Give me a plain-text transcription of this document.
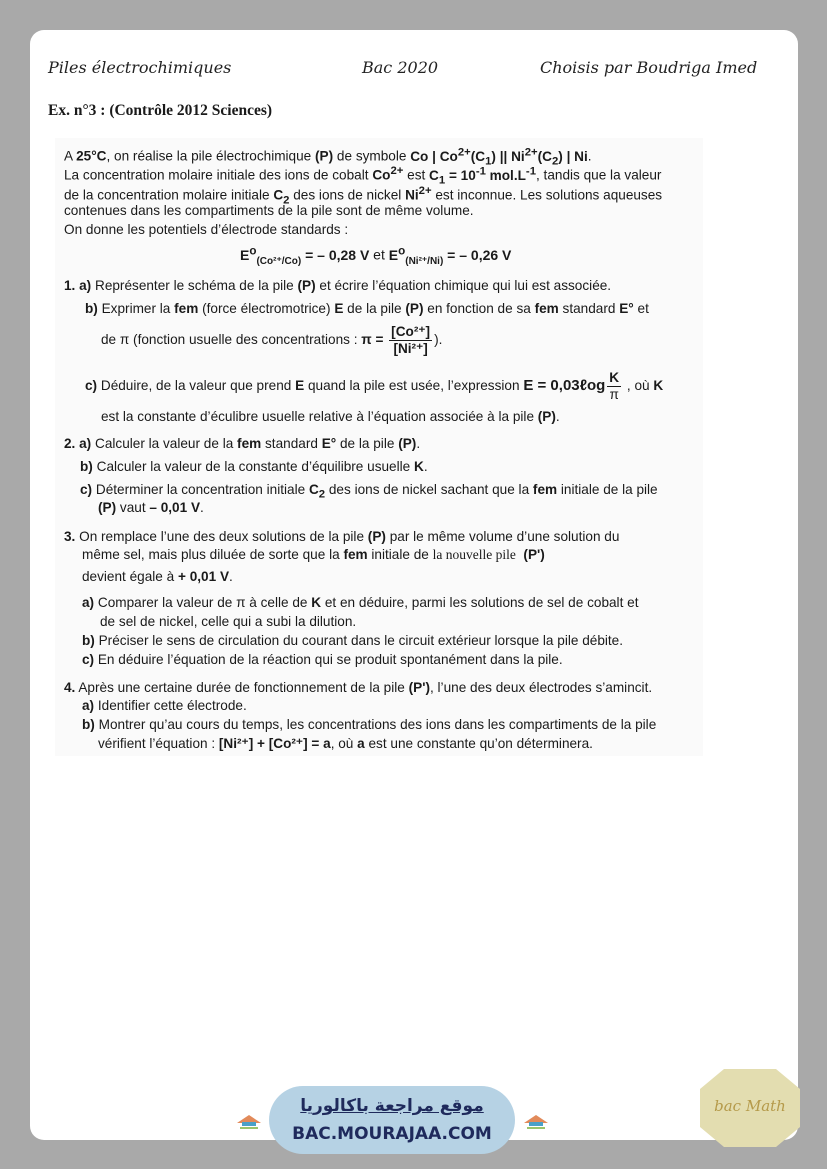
Piles électrochimiques	Bac 2020	Choisis par Boudriga Imed
Ex. n°3 : (Contrôle 2012 Sciences)
A 25°C, on réalise la pile électrochimique (P) de symbole Co | $Co^{2+}(C_1)$ || $Ni^{2+}(C_2)$ | Ni.
La concentration molaire initiale des ions de cobalt $Co^{2+}$ est $C_1 = 10^{-1}$ $mol.L^{-1}$, tandis que la valeur
de la concentration molaire initiale $C_2$ des ions de nickel $Ni^{2+}$ est inconnue. Les solutions aqueuses
contenues dans les compartiments de la pile sont de même volume.
On donne les potentiels d’électrode standards :
$E^o_{(Co^{2+}/Co)}$ = – 0,28 V et $E^o_{(Ni^{2+}/Ni)}$ = – 0,26 V
1. a) Représenter le schéma de la pile (P) et écrire l’équation chimique qui lui est associée.
b) Exprimer la fem (force électromotrice) E de la pile (P) en fonction de sa fem standard E° et
de π (fonction usuelle des concentrations : $\pi = \frac{\text{[Co²⁺]}}{\text{[Ni²⁺]}}$ ).
c) Déduire, de la valeur que prend E quand la pile est usée, l’expression E = 0,03ℓog $\frac{K}{\pi}$ , où K
est la constante d’éculibre usuelle relative à l’équation associée à la pile (P).
2. a) Calculer la valeur de la fem standard E° de la pile (P).
b) Calculer la valeur de la constante d’équilibre usuelle K.
c) Déterminer la concentration initiale $C_2$ des ions de nickel sachant que la fem initiale de la pile
(P) vaut – 0,01 V.
3. On remplace l’une des deux solutions de la pile (P) par le même volume d’une solution du
même sel, mais plus diluée de sorte que la fem initiale de la nouvelle pile (P')
devient égale à + 0,01 V.
a) Comparer la valeur de π à celle de K et en déduire, parmi les solutions de sel de cobalt et
de sel de nickel, celle qui a subi la dilution.
b) Préciser le sens de circulation du courant dans le circuit extérieur lorsque la pile débite.
c) En déduire l’équation de la réaction qui se produit spontanément dans la pile.
4. Après une certaine durée de fonctionnement de la pile (P'), l’une des deux électrodes s’amincit.
a) Identifier cette électrode.
b) Montrer qu’au cours du temps, les concentrations des ions dans les compartiments de la pile
vérifient l’équation : [Ni²⁺] + [Co²⁺] = a, où a est une constante qu’on déterminera.
موقع مراجعة باكالوريا
BAC.MOURAJAA.COM
bac Math
